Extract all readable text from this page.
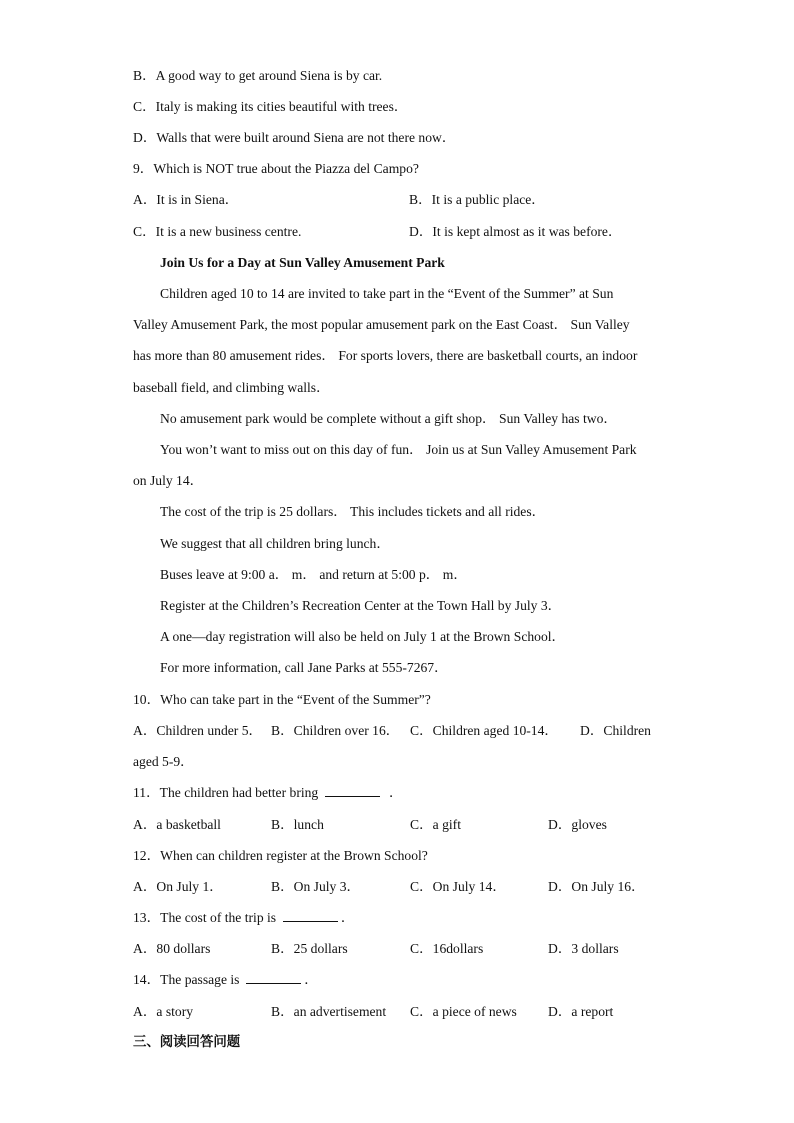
B．A good way to get around Siena is by car.
C．Italy is making its cities beautiful with trees．
D．Walls that were built around Siena are not there now．
9．Which is NOT true about the Piazza del Campo?
A．It is in Siena．	B．It is a public place．
C．It is a new business centre.	D．It is kept almost as it was before．
Join Us for a Day at Sun Valley Amusement Park
Children aged 10 to 14 are invited to take part in the “Event of the Summer” at Sun
Valley Amusement Park, the most popular amusement park on the East Coast． Sun Valley
has more than 80 amusement rides． For sports lovers, there are basketball courts, an indoor
baseball field, and climbing walls．
No amusement park would be complete without a gift shop． Sun Valley has two．
You won’t want to miss out on this day of fun． Join us at Sun Valley Amusement Park
on July 14．
The cost of the trip is 25 dollars． This includes tickets and all rides．
We suggest that all children bring lunch．
Buses leave at 9:00 a． m． and return at 5:00 p． m．
Register at the Children’s Recreation Center at the Town Hall by July 3．
A one—day registration will also be held on July 1 at the Brown School．
For more information, call Jane Parks at 555-7267．
10．Who can take part in the “Event of the Summer”?
A．Children under 5． B．Children over 16． C．Children aged 10-14． D．Children
aged 5-9．
11．The children had better bring	．
A．a basketball	B．lunch	C．a gift	D．gloves
12．When can children register at the Brown School?
A．On July 1．	B．On July 3．	C．On July 14．	D．On July 16．
13．The cost of the trip is	．
A．80 dollars	B．25 dollars	C．16dollars	D．3 dollars
14．The passage is	．
A．a story	B．an advertisement C．a piece of news D．a report
三、阅读回答问题
